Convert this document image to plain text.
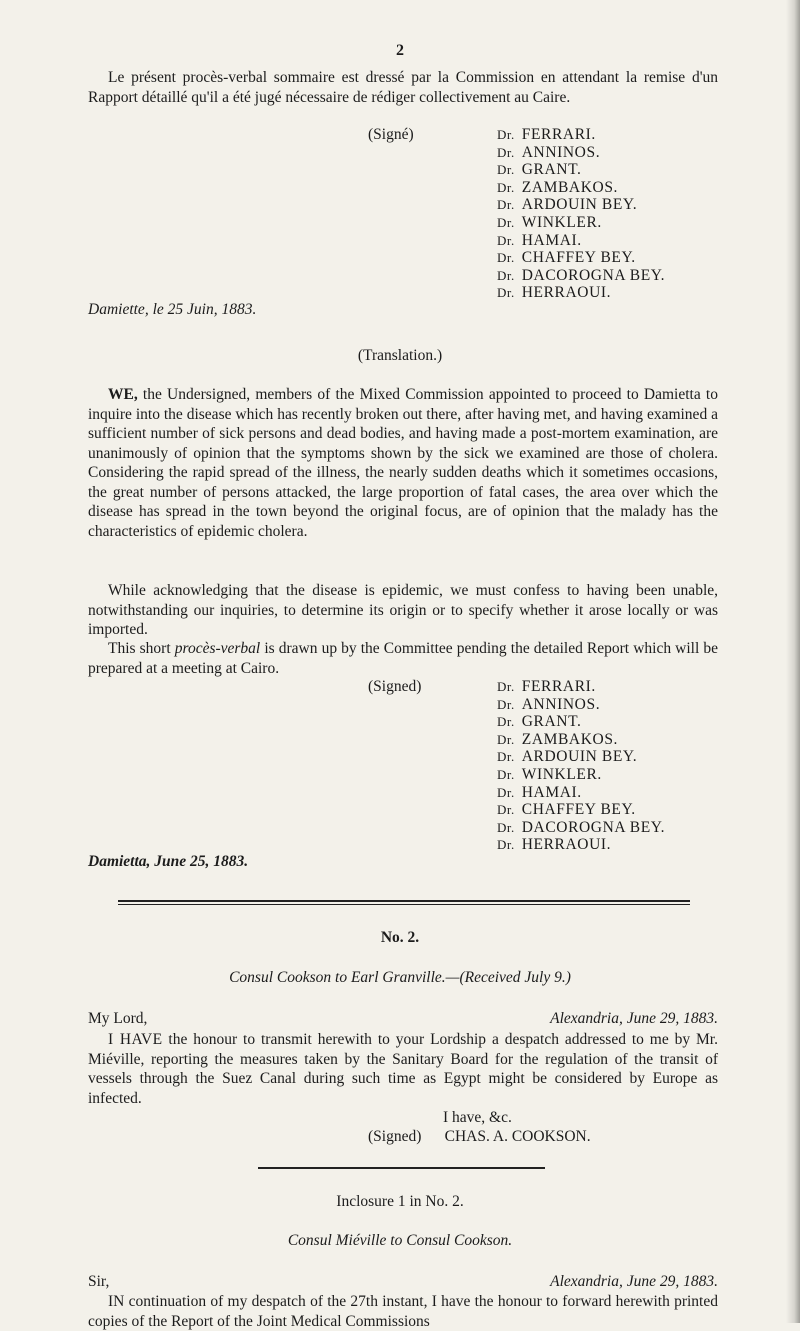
2
Le présent procès-verbal sommaire est dressé par la Commission en attendant la remise d'un Rapport détaillé qu'il a été jugé nécessaire de rédiger collectivement au Caire.
(Signé)	Dr. FERRARI.
Dr. ANNINOS.
Dr. GRANT.
Dr. ZAMBAKOS.
Dr. ARDOUIN BEY.
Dr. WINKLER.
Dr. HAMAI.
Dr. CHAFFEY BEY.
Dr. DACOROGNA BEY.
Dr. HERRAOUI.
Damiette, le 25 Juin, 1883.
(Translation.)
WE, the Undersigned, members of the Mixed Commission appointed to proceed to Damietta to inquire into the disease which has recently broken out there, after having met, and having examined a sufficient number of sick persons and dead bodies, and having made a post-mortem examination, are unanimously of opinion that the symptoms shown by the sick we examined are those of cholera. Considering the rapid spread of the illness, the nearly sudden deaths which it sometimes occasions, the great number of persons attacked, the large proportion of fatal cases, the area over which the disease has spread in the town beyond the original focus, are of opinion that the malady has the characteristics of epidemic cholera.
While acknowledging that the disease is epidemic, we must confess to having been unable, notwithstanding our inquiries, to determine its origin or to specify whether it arose locally or was imported.
This short procès-verbal is drawn up by the Committee pending the detailed Report which will be prepared at a meeting at Cairo.
(Signed)	Dr. FERRARI.
Dr. ANNINOS.
Dr. GRANT.
Dr. ZAMBAKOS.
Dr. ARDOUIN BEY.
Dr. WINKLER.
Dr. HAMAI.
Dr. CHAFFEY BEY.
Dr. DACOROGNA BEY.
Dr. HERRAOUI.
Damietta, June 25, 1883.
No. 2.
Consul Cookson to Earl Granville.—(Received July 9.)
My Lord,	Alexandria, June 29, 1883.
I HAVE the honour to transmit herewith to your Lordship a despatch addressed to me by Mr. Miéville, reporting the measures taken by the Sanitary Board for the regulation of the transit of vessels through the Suez Canal during such time as Egypt might be considered by Europe as infected.
I have, &c.
(Signed)      CHAS. A. COOKSON.
Inclosure 1 in No. 2.
Consul Miéville to Consul Cookson.
Sir,	Alexandria, June 29, 1883.
IN continuation of my despatch of the 27th instant, I have the honour to forward herewith printed copies of the Report of the Joint Medical Commissions
